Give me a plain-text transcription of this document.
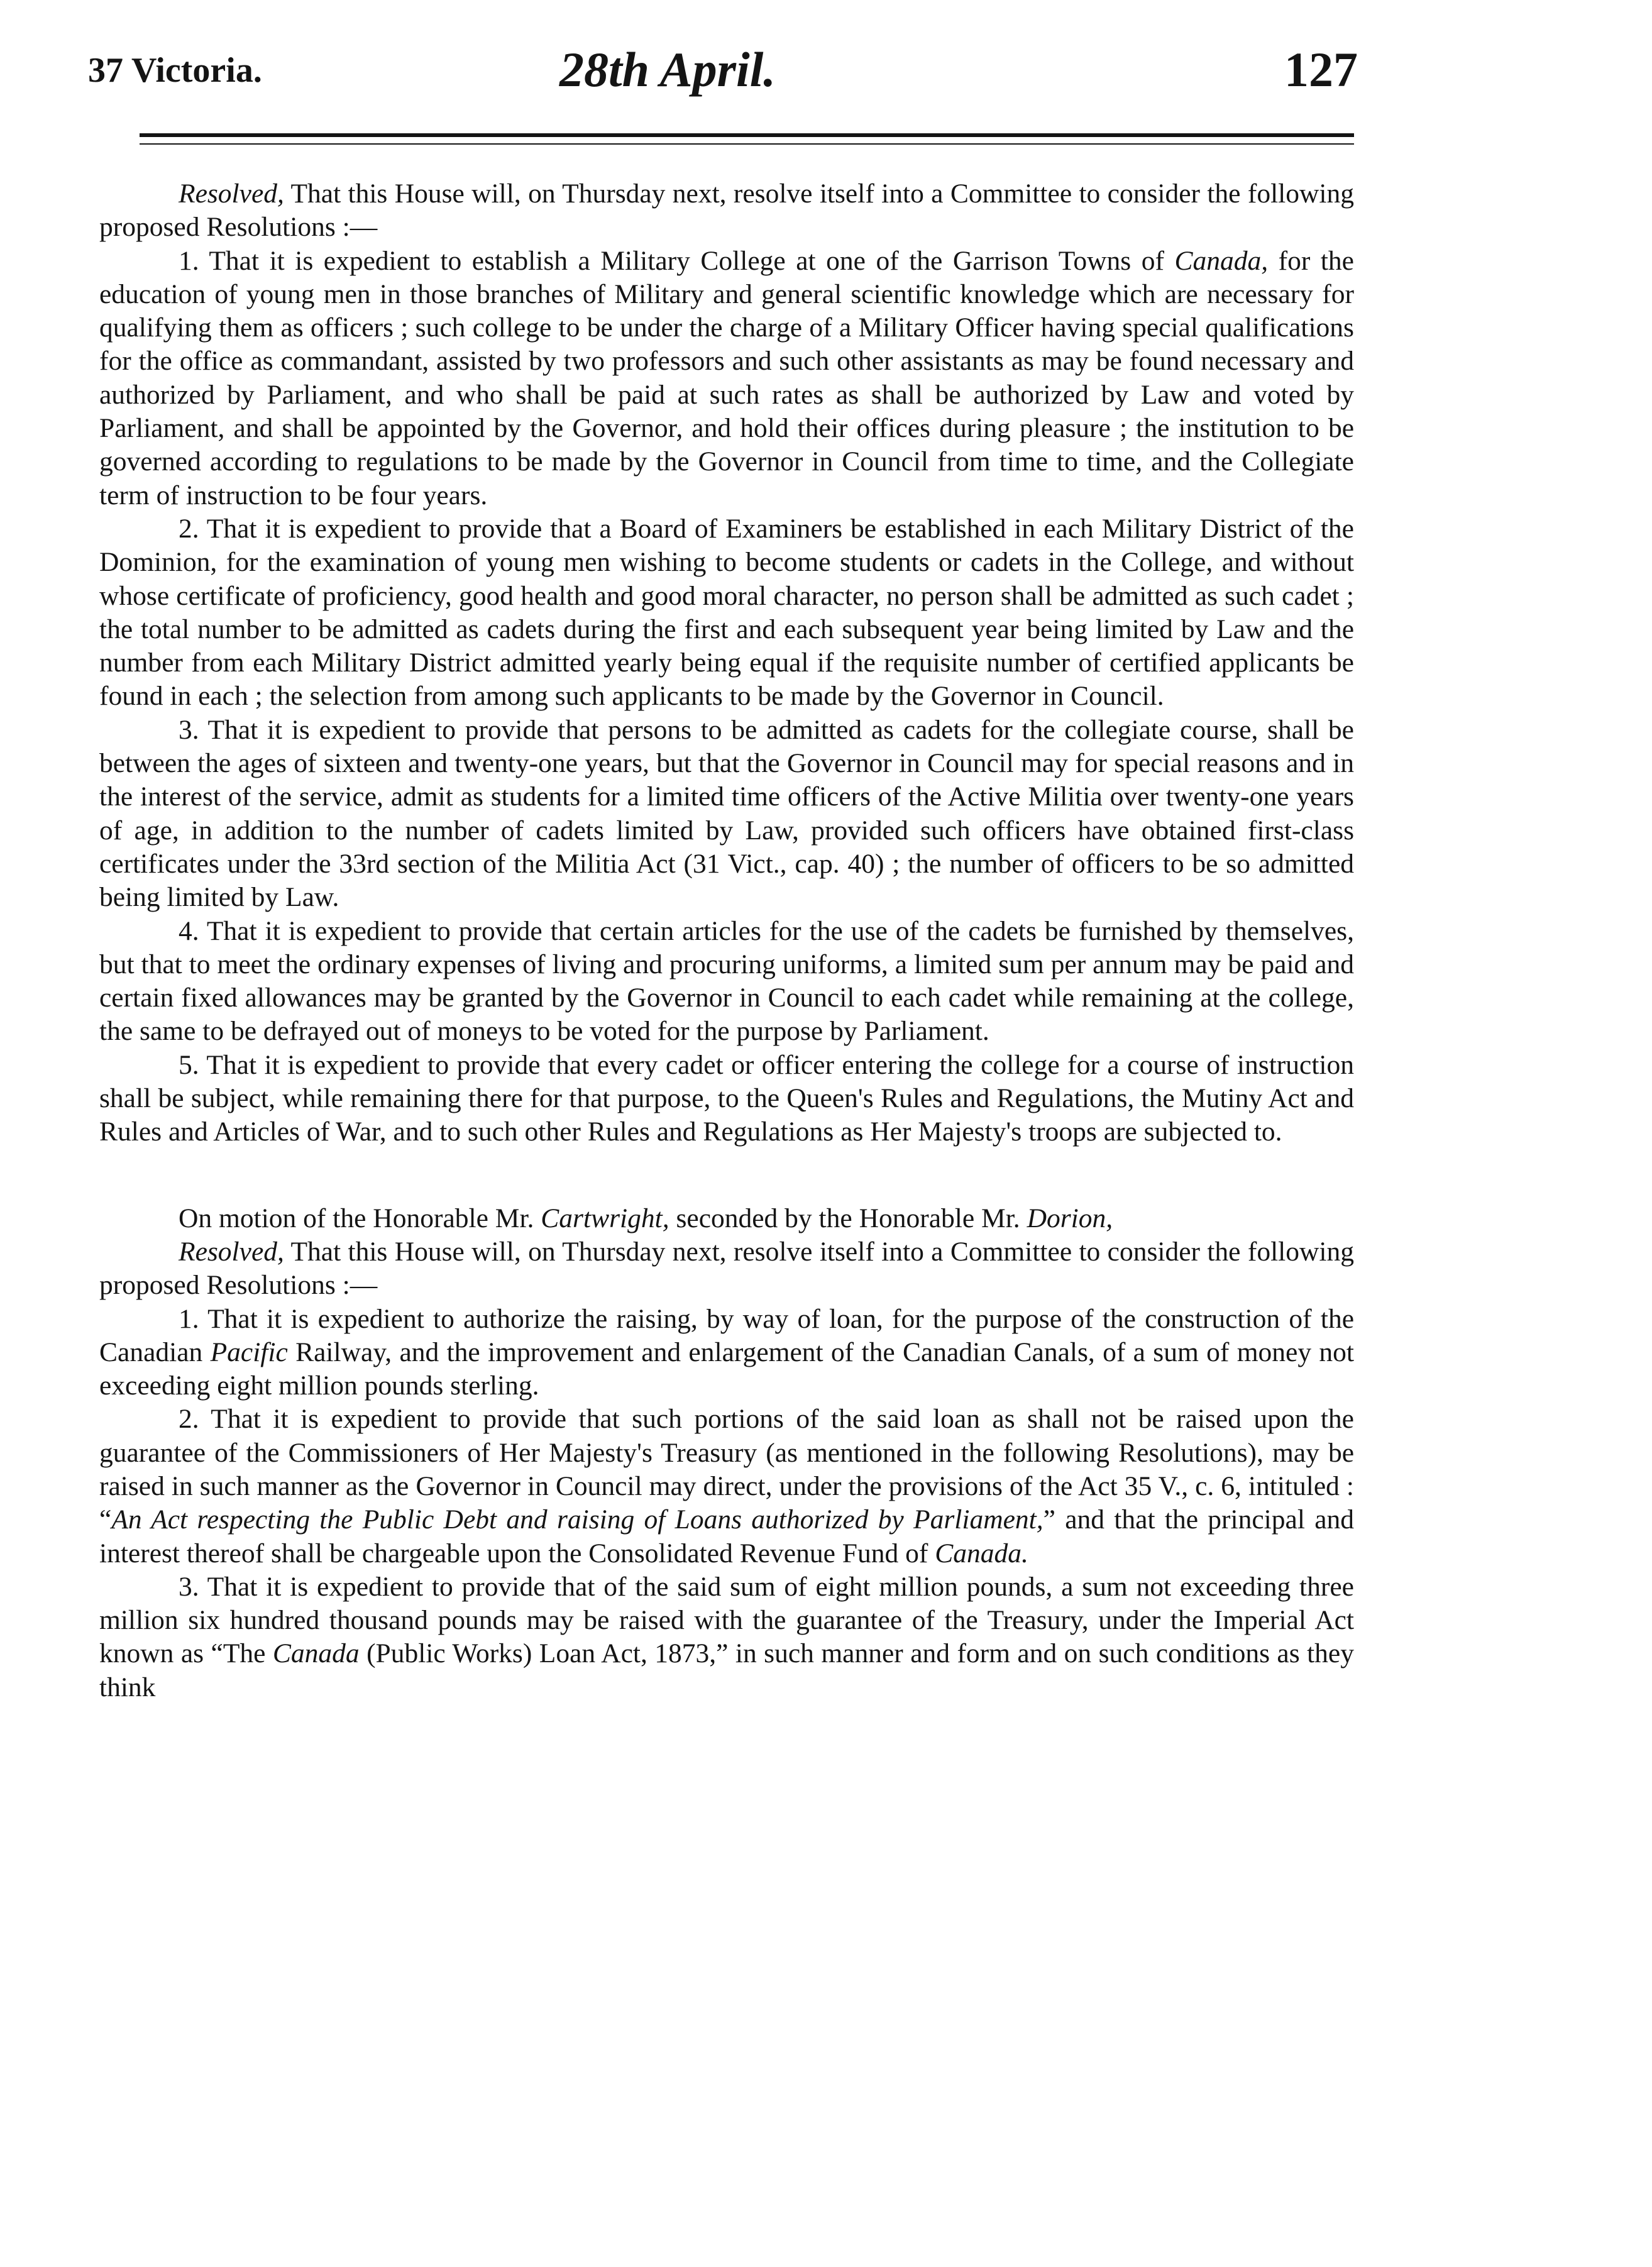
37 Victoria.	28th April.	127

Resolved, That this House will, on Thursday next, resolve itself into a Committee to consider the following proposed Resolutions :—

1. That it is expedient to establish a Military College at one of the Garrison Towns of Canada, for the education of young men in those branches of Military and general scientific knowledge which are necessary for qualifying them as officers ; such college to be under the charge of a Military Officer having special qualifications for the office as commandant, assisted by two professors and such other assistants as may be found necessary and authorized by Parliament, and who shall be paid at such rates as shall be authorized by Law and voted by Parliament, and shall be appointed by the Governor, and hold their offices during pleasure ; the institution to be governed according to regulations to be made by the Governor in Council from time to time, and the Collegiate term of instruction to be four years.

2. That it is expedient to provide that a Board of Examiners be established in each Military District of the Dominion, for the examination of young men wishing to become students or cadets in the College, and without whose certificate of proficiency, good health and good moral character, no person shall be admitted as such cadet ; the total number to be admitted as cadets during the first and each subsequent year being limited by Law and the number from each Military District admitted yearly being equal if the requisite number of certified applicants be found in each ; the selection from among such applicants to be made by the Governor in Council.

3. That it is expedient to provide that persons to be admitted as cadets for the collegiate course, shall be between the ages of sixteen and twenty-one years, but that the Governor in Council may for special reasons and in the interest of the service, admit as students for a limited time officers of the Active Militia over twenty-one years of age, in addition to the number of cadets limited by Law, provided such officers have obtained first-class certificates under the 33rd section of the Militia Act (31 Vict., cap. 40) ; the number of officers to be so admitted being limited by Law.

4. That it is expedient to provide that certain articles for the use of the cadets be furnished by themselves, but that to meet the ordinary expenses of living and procuring uniforms, a limited sum per annum may be paid and certain fixed allowances may be granted by the Governor in Council to each cadet while remaining at the college, the same to be defrayed out of moneys to be voted for the purpose by Parliament.

5. That it is expedient to provide that every cadet or officer entering the college for a course of instruction shall be subject, while remaining there for that purpose, to the Queen's Rules and Regulations, the Mutiny Act and Rules and Articles of War, and to such other Rules and Regulations as Her Majesty's troops are subjected to.

On motion of the Honorable Mr. Cartwright, seconded by the Honorable Mr. Dorion,

Resolved, That this House will, on Thursday next, resolve itself into a Committee to consider the following proposed Resolutions :—

1. That it is expedient to authorize the raising, by way of loan, for the purpose of the construction of the Canadian Pacific Railway, and the improvement and enlargement of the Canadian Canals, of a sum of money not exceeding eight million pounds sterling.

2. That it is expedient to provide that such portions of the said loan as shall not be raised upon the guarantee of the Commissioners of Her Majesty's Treasury (as mentioned in the following Resolutions), may be raised in such manner as the Governor in Council may direct, under the provisions of the Act 35 V., c. 6, intituled : “An Act respecting the Public Debt and raising of Loans authorized by Parliament,” and that the principal and interest thereof shall be chargeable upon the Consolidated Revenue Fund of Canada.

3. That it is expedient to provide that of the said sum of eight million pounds, a sum not exceeding three million six hundred thousand pounds may be raised with the guarantee of the Treasury, under the Imperial Act known as “The Canada (Public Works) Loan Act, 1873,” in such manner and form and on such conditions as they think
